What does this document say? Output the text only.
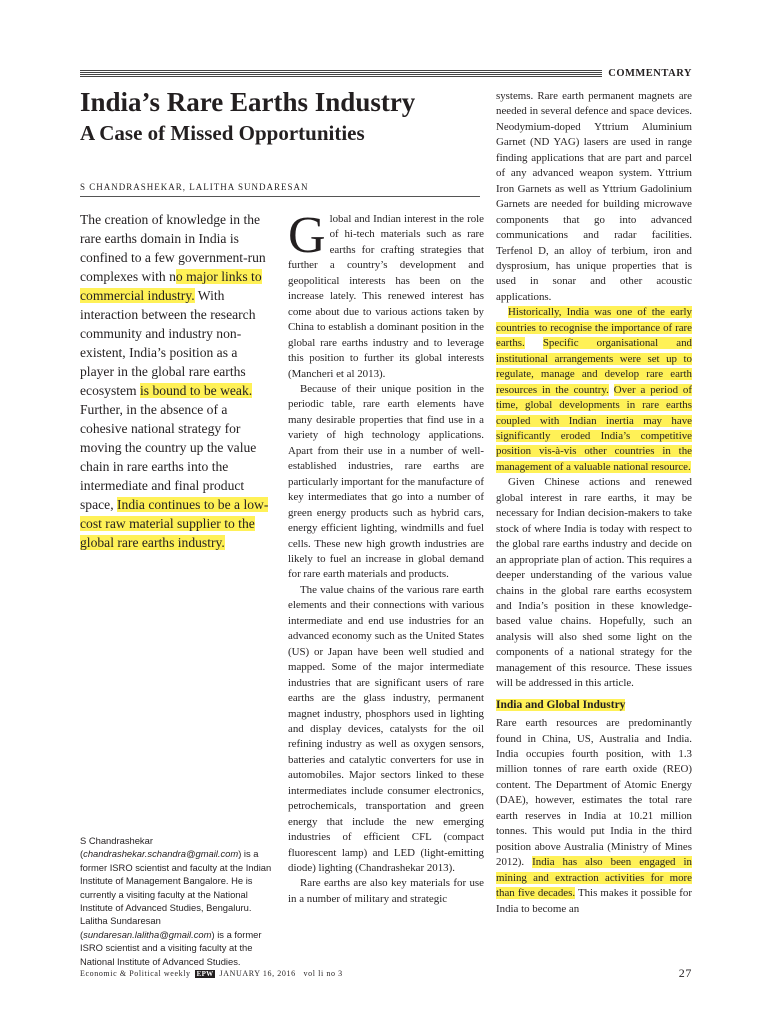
COMMENTARY
India’s Rare Earths Industry
A Case of Missed Opportunities
S CHANDRASHEKAR, LALITHA SUNDARESAN

The creation of knowledge in the rare earths domain in India is confined to a few government-run complexes with no major links to commercial industry. With interaction between the research community and industry non-existent, India’s position as a player in the global rare earths ecosystem is bound to be weak. Further, in the absence of a cohesive national strategy for moving the country up the value chain in rare earths into the intermediate and final product space, India continues to be a low-cost raw material supplier to the global rare earths industry.

S Chandrashekar (chandrashekar.schandra@gmail.com) is a former ISRO scientist and faculty at the Indian Institute of Management Bangalore. He is currently a visiting faculty at the National Institute of Advanced Studies, Bengaluru. Lalitha Sundaresan (sundaresan.lalitha@gmail.com) is a former ISRO scientist and a visiting faculty at the National Institute of Advanced Studies.

Global and Indian interest in the role of hi-tech materials such as rare earths for crafting strategies that further a country’s development and geopolitical interests has been on the increase lately. This renewed interest has come about due to various actions taken by China to establish a dominant position in the global rare earths industry and to leverage this position to further its global interests (Mancheri et al 2013).

Because of their unique position in the periodic table, rare earth elements have many desirable properties that find use in a variety of high technology applications. Apart from their use in a number of well-established industries, rare earths are particularly important for the manufacture of key intermediates that go into a number of green energy products such as hybrid cars, energy efficient lighting, windmills and fuel cells. These new high growth industries are likely to fuel an increase in global demand for rare earth materials and products.

The value chains of the various rare earth elements and their connections with various intermediate and end use industries for an advanced economy such as the United States (US) or Japan have been well studied and mapped. Some of the major intermediate industries that are significant users of rare earths are the glass industry, permanent magnet industry, phosphors used in lighting and display devices, catalysts for the oil refining industry as well as oxygen sensors, batteries and catalytic converters for use in automobiles. Major sectors linked to these intermediates include consumer electronics, petrochemicals, transportation and green energy that include the new emerging industries of efficient CFL (compact fluorescent lamp) and LED (light-emitting diode) lighting (Chandrashekar 2013).

Rare earths are also key materials for use in a number of military and strategic

systems. Rare earth permanent magnets are needed in several defence and space devices. Neodymium-doped Yttrium Aluminium Garnet (ND YAG) lasers are used in range finding applications that are part and parcel of any advanced weapon system. Yttrium Iron Garnets as well as Yttrium Gadolinium Garnets are needed for building microwave components that go into advanced communications and radar facilities. Terfenol D, an alloy of terbium, iron and dysprosium, has unique properties that is used in sonar and other acoustic applications.

Historically, India was one of the early countries to recognise the importance of rare earths. Specific organisational and institutional arrangements were set up to regulate, manage and develop rare earth resources in the country. Over a period of time, global developments in rare earths coupled with Indian inertia may have significantly eroded India’s competitive position vis-à-vis other countries in the management of a valuable national resource.

Given Chinese actions and renewed global interest in rare earths, it may be necessary for Indian decision-makers to take stock of where India is today with respect to the global rare earths industry and decide on an appropriate plan of action. This requires a deeper understanding of the various value chains in the global rare earths ecosystem and India’s position in these knowledge-based value chains. Hopefully, such an analysis will also shed some light on the components of a national strategy for the management of this resource. These issues will be addressed in this article.

India and Global Industry

Rare earth resources are predominantly found in China, US, Australia and India. India occupies fourth position, with 1.3 million tonnes of rare earth oxide (REO) content. The Department of Atomic Energy (DAE), however, estimates the total rare earth reserves in India at 10.21 million tonnes. This would put India in the third position above Australia (Ministry of Mines 2012). India has also been engaged in mining and extraction activities for more than five decades. This makes it possible for India to become an

Economic & Political weekly EPW JANUARY 16, 2016 vol li no 3	27
